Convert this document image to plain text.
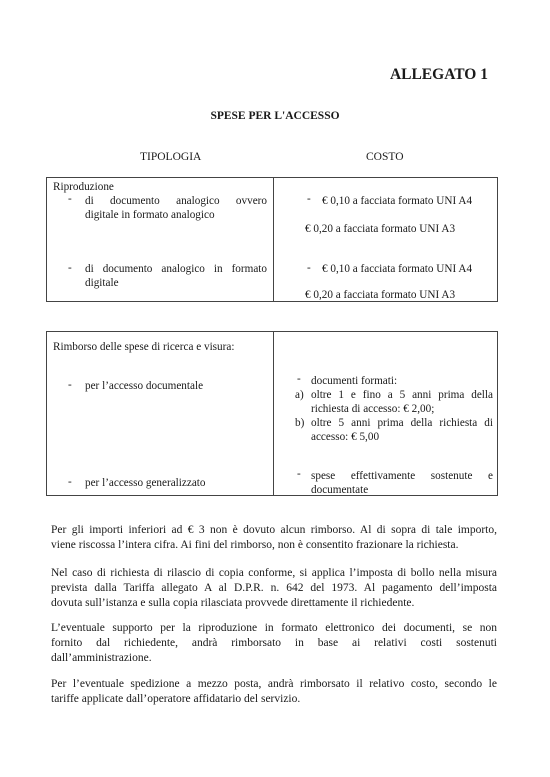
ALLEGATO 1
SPESE PER L'ACCESSO
TIPOLOGIA	COSTO
Riproduzione
- di documento analogico ovvero
digitale in formato analogico
- € 0,10 a facciata formato UNI A4
€ 0,20 a facciata formato UNI A3
- di documento analogico in formato
digitale
- € 0,10 a facciata formato UNI A4
€ 0,20 a facciata formato UNI A3
Rimborso delle spese di ricerca e visura:
- per l’accesso documentale
- documenti formati:
a) oltre 1 e fino a 5 anni prima della
richiesta di accesso: € 2,00;
b) oltre 5 anni prima della richiesta di
accesso: € 5,00
- per l’accesso generalizzato
- spese effettivamente sostenute e
documentate
Per gli importi inferiori ad € 3 non è dovuto alcun rimborso. Al di sopra di tale importo,
viene riscossa l’intera cifra. Ai fini del rimborso, non è consentito frazionare la richiesta.
Nel caso di richiesta di rilascio di copia conforme, si applica l’imposta di bollo nella misura
prevista dalla Tariffa allegato A al D.P.R. n. 642 del 1973. Al pagamento dell’imposta
dovuta sull’istanza e sulla copia rilasciata provvede direttamente il richiedente.
L’eventuale supporto per la riproduzione in formato elettronico dei documenti, se non
fornito dal richiedente, andrà rimborsato in base ai relativi costi sostenuti
dall’amministrazione.
Per l’eventuale spedizione a mezzo posta, andrà rimborsato il relativo costo, secondo le
tariffe applicate dall’operatore affidatario del servizio.
